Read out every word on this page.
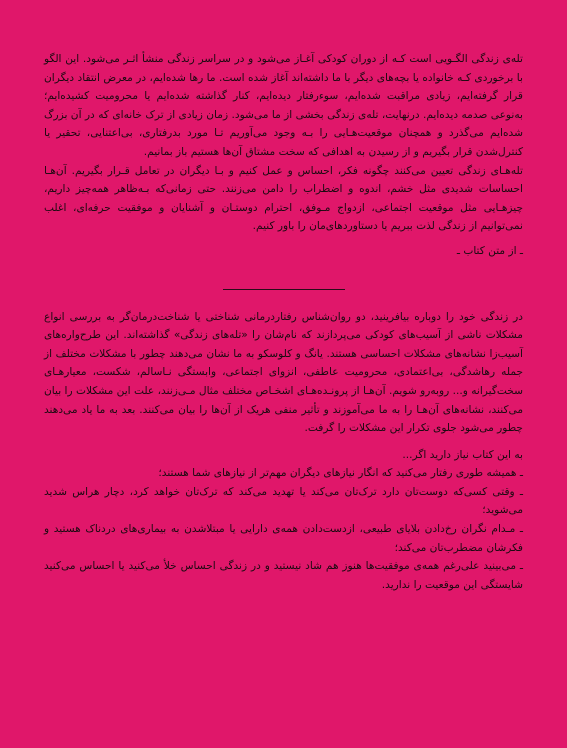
تله‌ی زندگی الگـویی است کـه از دوران کودکی آغـاز می‌شود و در سراسر زندگی منشأ اثـر می‌شود. این الگو با برخوردی کـه خانواده یا بچه‌های دیگر با ما داشته‌اند آغاز شده است. ما رها شده‌ایم، در معرض انتقاد دیگران قرار گرفته‌ایم، زیادی مراقبت شده‌ایم، سوءرفتار دیده‌ایم، کنار گذاشته شده‌ایم یا محرومیت کشیده‌ایم؛ به‌نوعی صدمه دیده‌ایم. درنهایت، تله‌ی زندگی بخشی از ما می‌شود. زمان زیادی از ترک خانه‌ای که در آن بزرگ شده‌ایم می‌گذرد و همچنان موقعیت‌هـایی را بـه وجود می‌آوریم تـا مورد بدرفتاری، بی‌اعتنایی، تحقیر یا کنترل‌شدن قرار بگیریم و از رسیدن به اهدافی که سخت مشتاق آن‌ها هستیم باز بمانیم.

تله‌هـای زندگی تعیین می‌کنند چگونه فکر، احساس و عمل کنیم و بـا دیگران در تعامل قـرار بگیریم. آن‌هـا احساسات شدیدی مثل خشم، اندوه و اضطراب را دامن می‌زنند. حتی زمانی‌که بـه‌ظاهر همه‌چیز داریم، چیزهـایی مثل موقعیت اجتماعی، ازدواج مـوفق، احترام دوستـان و آشنایان و موفقیت حرفه‌ای، اغلب نمی‌توانیم از زندگی لذت ببریم یا دستاوردهای‌مان را باور کنیم.

ـ از متن کتاب ـ

در زندگی خود را دوباره بیافرینید، دو روان‌شناس رفتاردرمانی شناختی یا شناخت‌درمان‌گر به بررسی انواع مشکلات ناشی از آسیب‌های کودکی می‌پردازند که نام‌شان را «تله‌های زندگی» گذاشته‌اند. این طرح‌واره‌های آسیب‌زا نشانه‌های مشکلات احساسی هستند. یانگ و کلوسکو به ما نشان می‌دهند چطور با مشکلات مختلف از جمله رهاشدگی، بی‌اعتمادی، محرومیت عاطفی، انزوای اجتماعی، وابستگی نـاسالم، شکست، معیارهـای سخت‌گیرانه و... روبه‌رو شویم. آن‌هـا از پرونـده‌هـای اشخـاص مختلف مثال مـی‌زنند، علت این مشکلات را بیان می‌کنند، نشانه‌های آن‌هـا را به ما می‌آموزند و تأثیر منفی هریک از آن‌ها را بیان می‌کنند. بعد به ما یاد می‌دهند چطور می‌شود جلوی تکرار این مشکلات را گرفت.

به این کتاب نیاز دارید اگر...

ـ همیشه طوری رفتار می‌کنید که انگار نیازهای دیگران مهم‌تر از نیازهای شما هستند؛
ـ وقتی کسی‌که دوست‌تان دارد ترک‌تان می‌کند یا تهدید می‌کند که ترک‌تان خواهد کرد، دچار هراس شدید می‌شوید؛
ـ مـدام نگران رخ‌دادن بلایای طبیعی، ازدست‌دادن همه‌ی دارایی یا مبتلاشدن به بیماری‌های دردناک هستید و فکرشان مضطرب‌تان می‌کند؛
ـ می‌بینید علی‌رغم همه‌ی موفقیت‌ها هنوز هم شاد نیستید و در زندگی احساس خلأ می‌کنید یا احساس می‌کنید شایستگی این موقعیت را ندارید.
